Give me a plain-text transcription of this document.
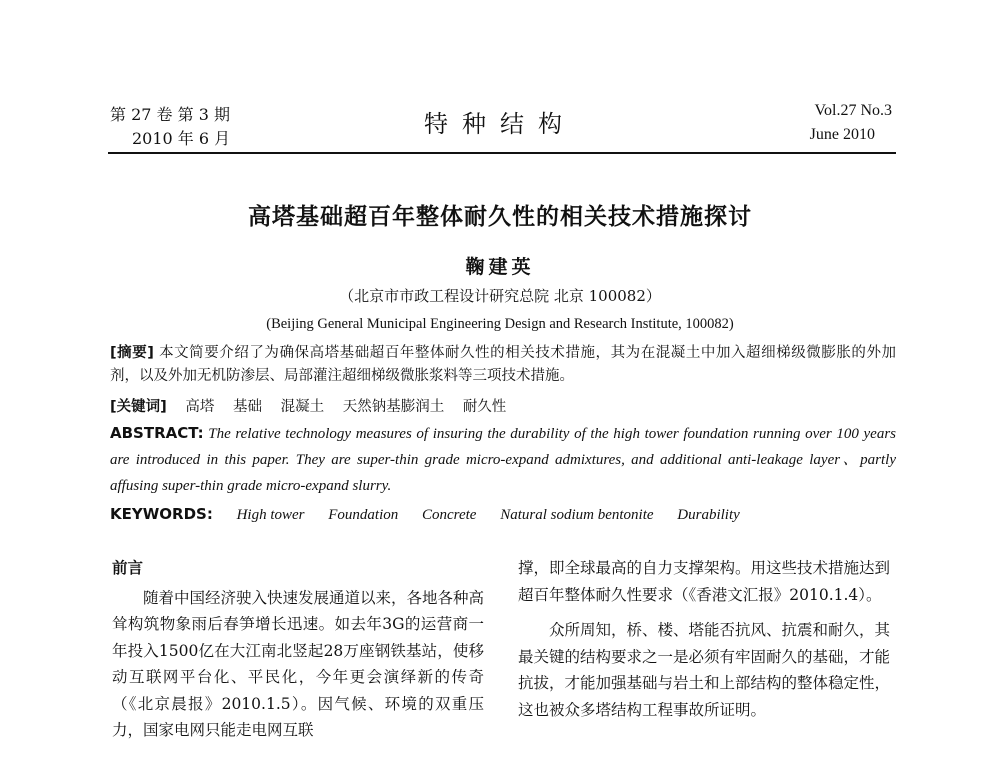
第 27 卷 第 3 期
2010 年 6 月
特种结构	Vol.27 No.3
June 2010
高塔基础超百年整体耐久性的相关技术措施探讨
鞠建英
（北京市市政工程设计研究总院 北京 100082）
(Beijing General Municipal Engineering Design and Research Institute, 100082)
[摘要] 本文简要介绍了为确保高塔基础超百年整体耐久性的相关技术措施，其为在混凝土中加入超细梯级微膨胀的外加剂，以及外加无机防渗层、局部灌注超细梯级微胀浆料等三项技术措施。
[关键词] 高塔 基础 混凝土 天然钠基膨润土 耐久性
ABSTRACT: The relative technology measures of insuring the durability of the high tower foundation running over 100 years are introduced in this paper. They are super-thin grade micro-expand admixtures, and additional anti-leakage layer、partly affusing super-thin grade micro-expand slurry.
KEYWORDS: High tower Foundation Concrete Natural sodium bentonite Durability
前言
随着中国经济驶入快速发展通道以来，各地各种高耸构筑物象雨后春笋增长迅速。如去年3G的运营商一年投入1500亿在大江南北竖起28万座钢铁基站，使移动互联网平台化、平民化，今年更会演绎新的传奇（《北京晨报》2010.1.5）。因气候、环境的双重压力，国家电网只能走电网互联
撑，即全球最高的自力支撑架构。用这些技术措施达到超百年整体耐久性要求（《香港文汇报》2010.1.4）。
众所周知，桥、楼、塔能否抗风、抗震和耐久，其最关键的结构要求之一是必须有牢固耐久的基础，才能抗拔，才能加强基础与岩土和上部结构的整体稳定性，这也被众多塔结构工程事故所证明。
